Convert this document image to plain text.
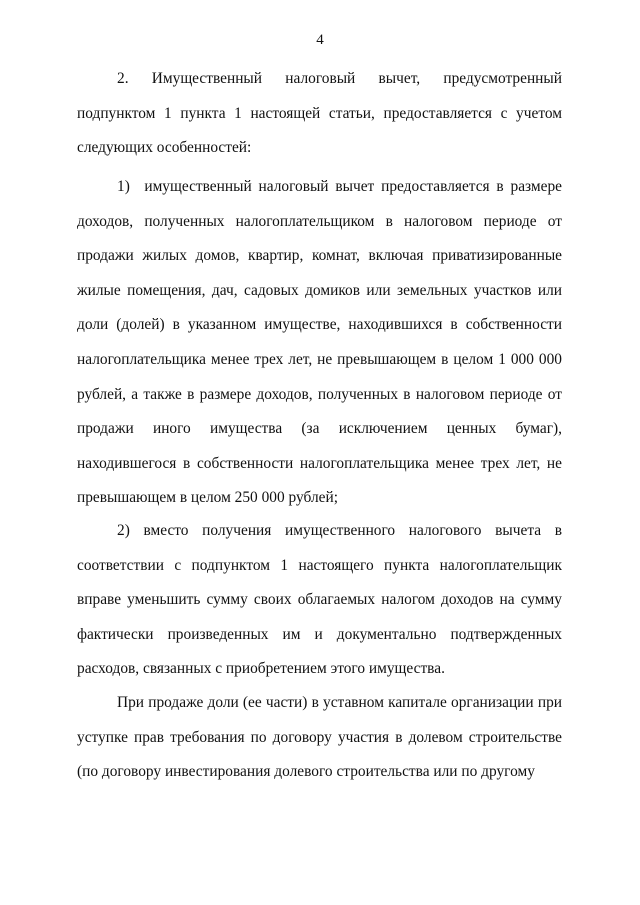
4

2. Имущественный налоговый вычет, предусмотренный подпунктом 1 пункта 1 настоящей статьи, предоставляется с учетом следующих особенностей:

1)  имущественный налоговый вычет предоставляется в размере доходов, полученных налогоплательщиком в налоговом периоде от продажи жилых домов, квартир, комнат, включая приватизированные жилые помещения, дач, садовых домиков или земельных участков или доли (долей) в указанном имуществе, находившихся в собственности налогоплательщика менее трех лет, не превышающем в целом 1 000 000 рублей, а также в размере доходов, полученных в налоговом периоде от продажи иного имущества (за исключением ценных бумаг), находившегося в собственности налогоплательщика менее трех лет, не превышающем в целом 250 000 рублей;

2) вместо получения имущественного налогового вычета в соответствии с подпунктом 1 настоящего пункта налогоплательщик вправе уменьшить сумму своих облагаемых налогом доходов на сумму фактически произведенных им и документально подтвержденных расходов, связанных с приобретением этого имущества.

При продаже доли (ее части) в уставном капитале организации при уступке прав требования по договору участия в долевом строительстве (по договору инвестирования долевого строительства или по другому
